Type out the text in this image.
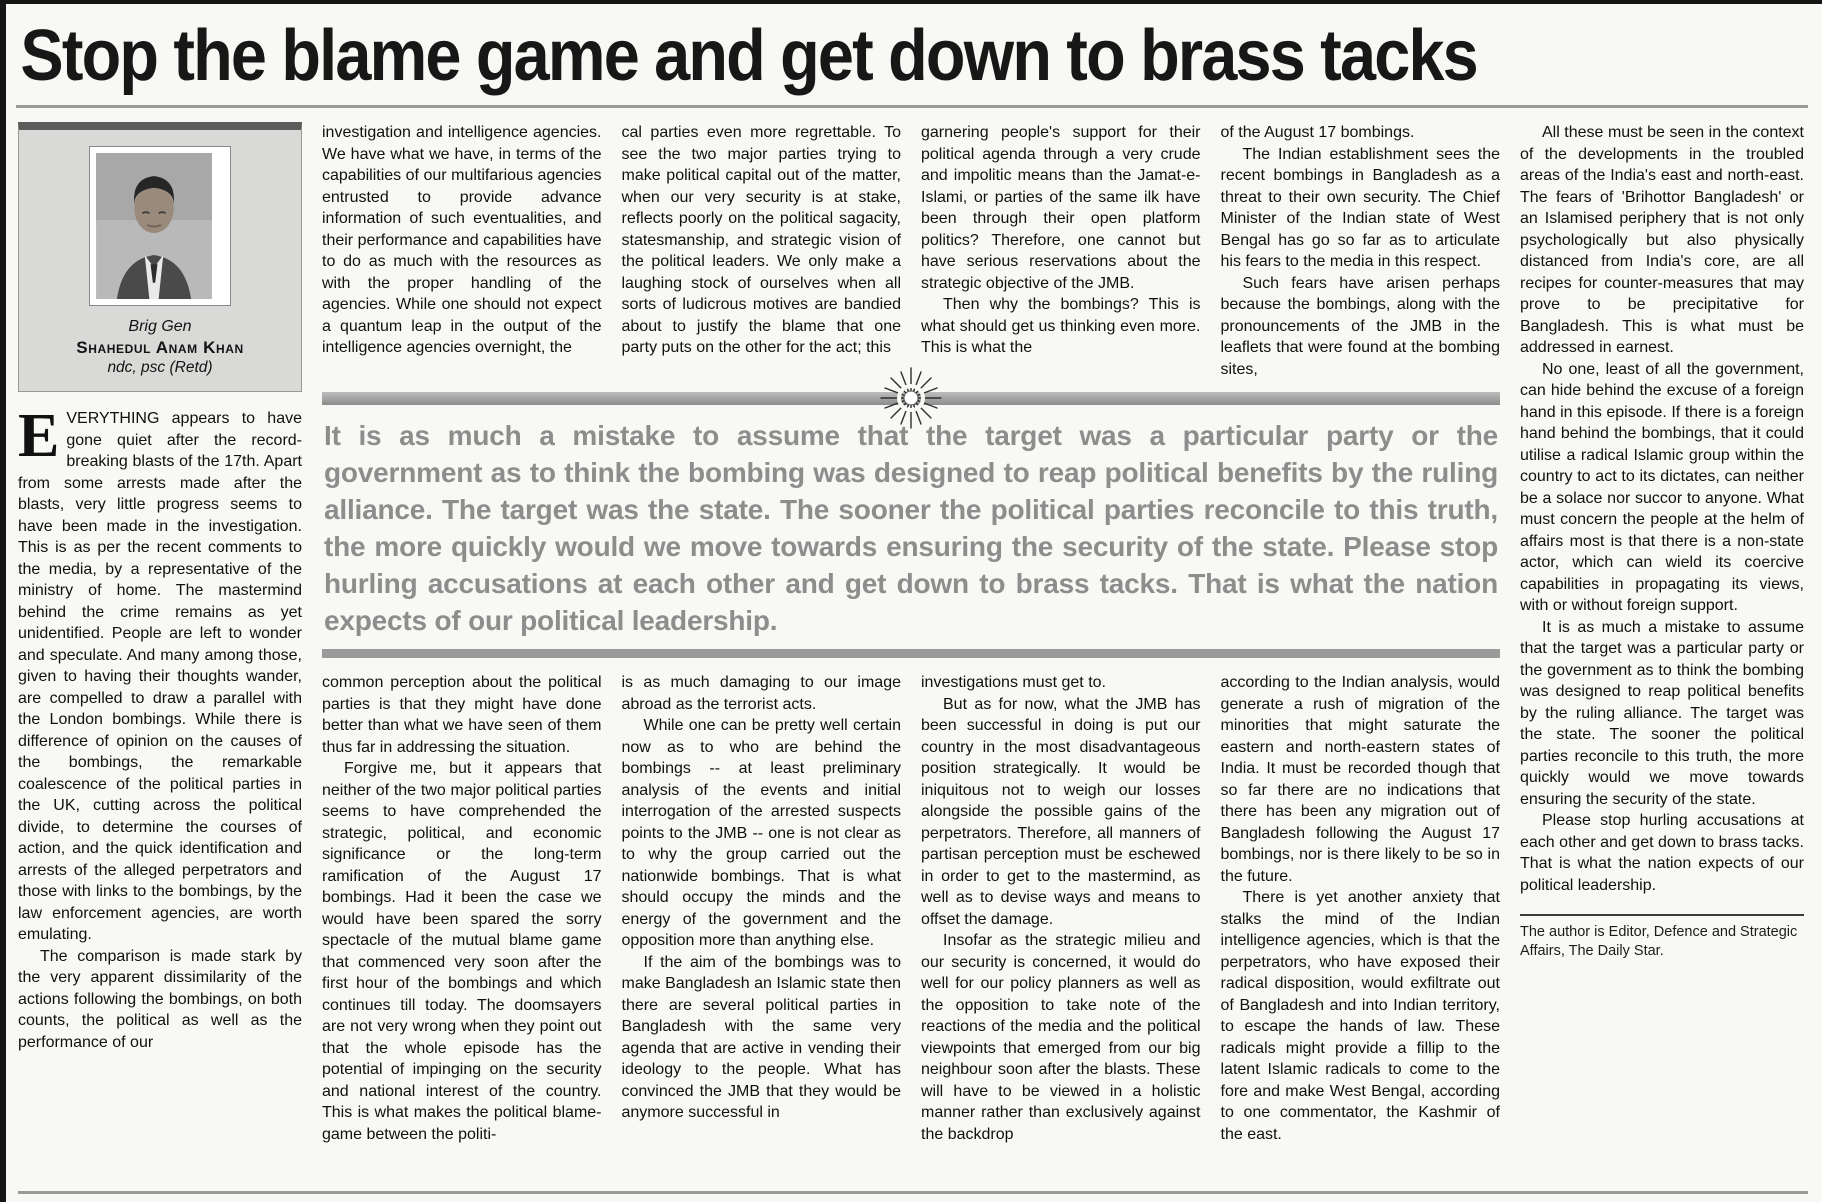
Stop the blame game and get down to brass tacks
Brig Gen
Shahedul Anam Khan
ndc, psc (Retd)

EVERYTHING appears to have gone quiet after the record-breaking blasts of the 17th. Apart from some arrests made after the blasts, very little progress seems to have been made in the investigation. This is as per the recent comments to the media, by a representative of the ministry of home. The mastermind behind the crime remains as yet unidentified. People are left to wonder and speculate. And many among those, given to having their thoughts wander, are compelled to draw a parallel with the London bombings. While there is difference of opinion on the causes of the bombings, the remarkable coalescence of the political parties in the UK, cutting across the political divide, to determine the courses of action, and the quick identification and arrests of the alleged perpetrators and those with links to the bombings, by the law enforcement agencies, are worth emulating.

The comparison is made stark by the very apparent dissimilarity of the actions following the bombings, on both counts, the political as well as the performance of our

investigation and intelligence agencies. We have what we have, in terms of the capabilities of our multifarious agencies entrusted to provide advance information of such eventualities, and their performance and capabilities have to do as much with the resources as with the proper handling of the agencies. While one should not expect a quantum leap in the output of the intelligence agencies overnight, the

cal parties even more regrettable. To see the two major parties trying to make political capital out of the matter, when our very security is at stake, reflects poorly on the political sagacity, statesmanship, and strategic vision of the political leaders. We only make a laughing stock of ourselves when all sorts of ludicrous motives are bandied about to justify the blame that one party puts on the other for the act; this

garnering people's support for their political agenda through a very crude and impolitic means than the Jamat-e-Islami, or parties of the same ilk have been through their open platform politics? Therefore, one cannot but have serious reservations about the strategic objective of the JMB.

Then why the bombings? This is what should get us thinking even more. This is what the

of the August 17 bombings.

The Indian establishment sees the recent bombings in Bangladesh as a threat to their own security. The Chief Minister of the Indian state of West Bengal has go so far as to articulate his fears to the media in this respect.

Such fears have arisen perhaps because the bombings, along with the pronouncements of the JMB in the leaflets that were found at the bombing sites,

It is as much a mistake to assume that the target was a particular party or the government as to think the bombing was designed to reap political benefits by the ruling alliance. The target was the state. The sooner the political parties reconcile to this truth, the more quickly would we move towards ensuring the security of the state. Please stop hurling accusations at each other and get down to brass tacks. That is what the nation expects of our political leadership.

common perception about the political parties is that they might have done better than what we have seen of them thus far in addressing the situation.

Forgive me, but it appears that neither of the two major political parties seems to have comprehended the strategic, political, and economic significance or the long-term ramification of the August 17 bombings. Had it been the case we would have been spared the sorry spectacle of the mutual blame game that commenced very soon after the first hour of the bombings and which continues till today. The doomsayers are not very wrong when they point out that the whole episode has the potential of impinging on the security and national interest of the country. This is what makes the political blame-game between the politi-

is as much damaging to our image abroad as the terrorist acts.

While one can be pretty well certain now as to who are behind the bombings -- at least preliminary analysis of the events and initial interrogation of the arrested suspects points to the JMB -- one is not clear as to why the group carried out the nationwide bombings. That is what should occupy the minds and the energy of the government and the opposition more than anything else.

If the aim of the bombings was to make Bangladesh an Islamic state then there are several political parties in Bangladesh with the same very agenda that are active in vending their ideology to the people. What has convinced the JMB that they would be anymore successful in

investigations must get to.

But as for now, what the JMB has been successful in doing is put our country in the most disadvantageous position strategically. It would be iniquitous not to weigh our losses alongside the possible gains of the perpetrators. Therefore, all manners of partisan perception must be eschewed in order to get to the mastermind, as well as to devise ways and means to offset the damage.

Insofar as the strategic milieu and our security is concerned, it would do well for our policy planners as well as the opposition to take note of the reactions of the media and the political viewpoints that emerged from our big neighbour soon after the blasts. These will have to be viewed in a holistic manner rather than exclusively against the backdrop

according to the Indian analysis, would generate a rush of migration of the minorities that might saturate the eastern and north-eastern states of India. It must be recorded though that so far there are no indications that there has been any migration out of Bangladesh following the August 17 bombings, nor is there likely to be so in the future.

There is yet another anxiety that stalks the mind of the Indian intelligence agencies, which is that the perpetrators, who have exposed their radical disposition, would exfiltrate out of Bangladesh and into Indian territory, to escape the hands of law. These radicals might provide a fillip to the latent Islamic radicals to come to the fore and make West Bengal, according to one commentator, the Kashmir of the east.

All these must be seen in the context of the developments in the troubled areas of the India's east and north-east. The fears of 'Brihottor Bangladesh' or an Islamised periphery that is not only psychologically but also physically distanced from India's core, are all recipes for counter-measures that may prove to be precipitative for Bangladesh. This is what must be addressed in earnest.

No one, least of all the government, can hide behind the excuse of a foreign hand in this episode. If there is a foreign hand behind the bombings, that it could utilise a radical Islamic group within the country to act to its dictates, can neither be a solace nor succor to anyone. What must concern the people at the helm of affairs most is that there is a non-state actor, which can wield its coercive capabilities in propagating its views, with or without foreign support.

It is as much a mistake to assume that the target was a particular party or the government as to think the bombing was designed to reap political benefits by the ruling alliance. The target was the state. The sooner the political parties reconcile to this truth, the more quickly would we move towards ensuring the security of the state.

Please stop hurling accusations at each other and get down to brass tacks. That is what the nation expects of our political leadership.

The author is Editor, Defence and Strategic Affairs, The Daily Star.
